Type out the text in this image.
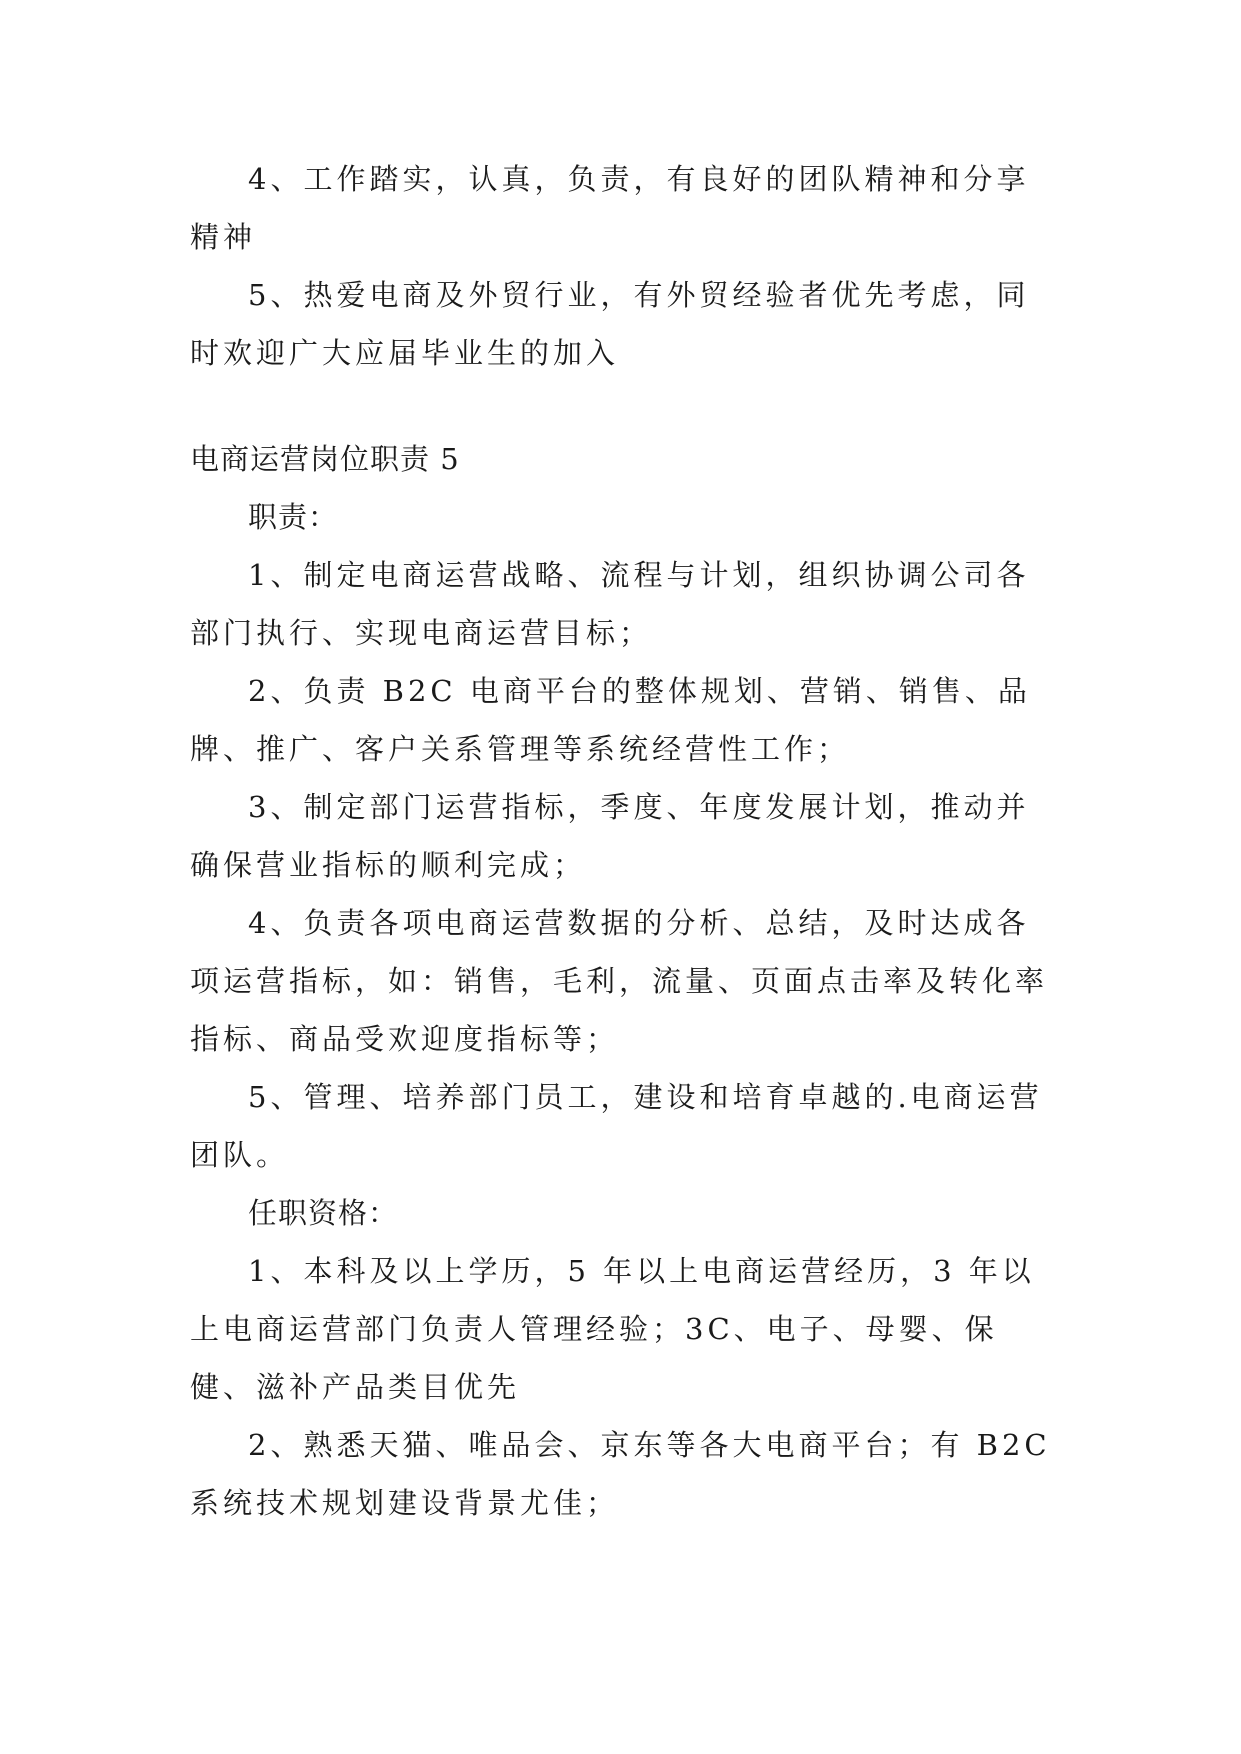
4、工作踏实，认真，负责，有良好的团队精神和分享精神

5、热爱电商及外贸行业，有外贸经验者优先考虑，同时欢迎广大应届毕业生的加入

电商运营岗位职责 5

职责：

1、制定电商运营战略、流程与计划，组织协调公司各部门执行、实现电商运营目标；

2、负责 B2C 电商平台的整体规划、营销、销售、品牌、推广、客户关系管理等系统经营性工作；

3、制定部门运营指标，季度、年度发展计划，推动并确保营业指标的顺利完成；

4、负责各项电商运营数据的分析、总结，及时达成各项运营指标，如：销售，毛利，流量、页面点击率及转化率指标、商品受欢迎度指标等；

5、管理、培养部门员工，建设和培育卓越的.电商运营团队。

任职资格：

1、本科及以上学历，5 年以上电商运营经历，3 年以上电商运营部门负责人管理经验；3C、电子、母婴、保健、滋补产品类目优先

2、熟悉天猫、唯品会、京东等各大电商平台；有 B2C 系统技术规划建设背景尤佳；
